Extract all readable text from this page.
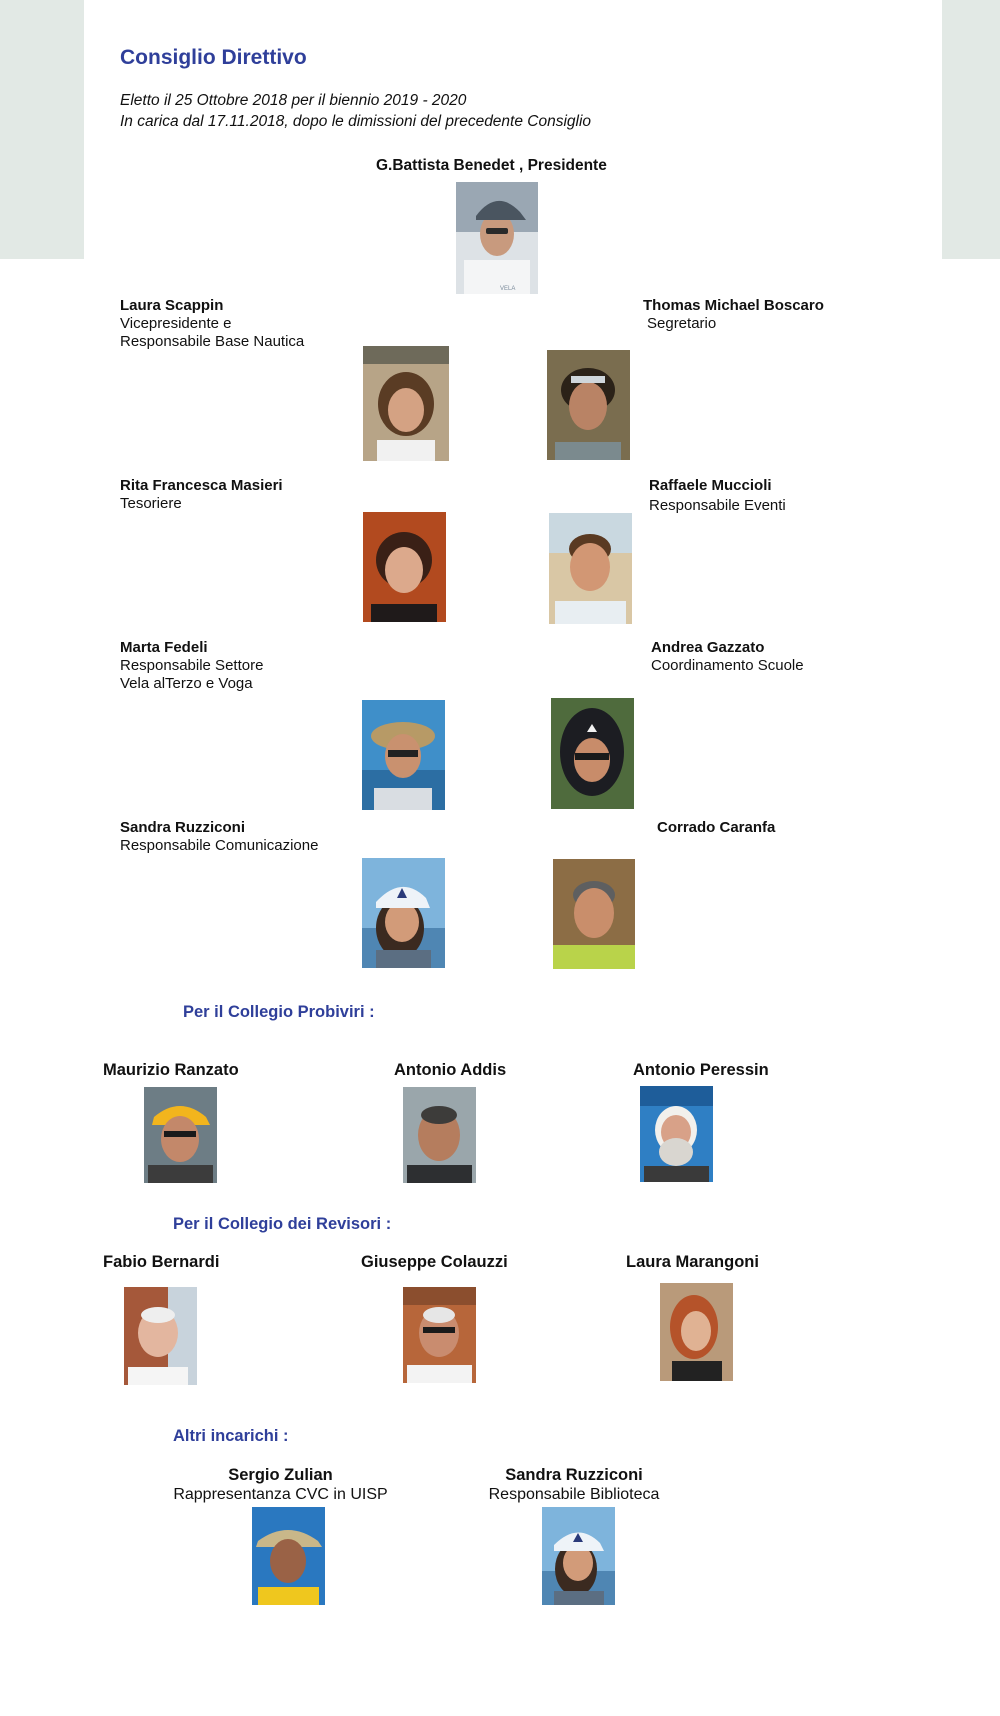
Consiglio Direttivo
Eletto il 25 Ottobre 2018 per il biennio 2019 - 2020
In carica dal 17.11.2018, dopo le dimissioni del precedente Consiglio
G.Battista Benedet , Presidente
VELA
Laura Scappin
Vicepresidente e
Responsabile Base Nautica
Rita Francesca Masieri
Tesoriere
Marta Fedeli
Responsabile Settore
Vela alTerzo e Voga
Sandra Ruzziconi
Responsabile Comunicazione
Thomas Michael Boscaro
Segretario
Raffaele Muccioli
Responsabile Eventi
Andrea Gazzato
Coordinamento Scuole
Corrado Caranfa
Per il Collegio Probiviri :
Maurizio Ranzato	Antonio Addis	Antonio Peressin
Per il Collegio dei Revisori :
Fabio Bernardi	Giuseppe Colauzzi	Laura Marangoni
Altri incarichi :
Sergio Zulian
Rappresentanza CVC in UISP
Sandra Ruzziconi
Responsabile Biblioteca
